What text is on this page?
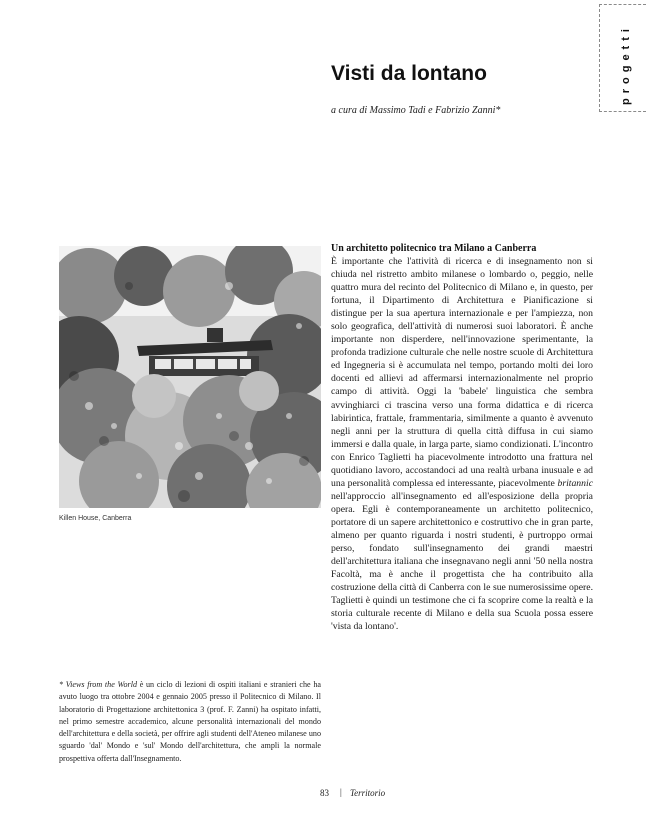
progetti
Visti da lontano
a cura di Massimo Tadi e Fabrizio Zanni*
Killen House, Canberra

Un architetto politecnico tra Milano a Canberra

È importante che l'attività di ricerca e di insegnamento non si chiuda nel ristretto ambito milanese o lombardo o, peggio, nelle quattro mura del recinto del Politecnico di Milano e, in questo, per fortuna, il Dipartimento di Architettura e Pianificazione si distingue per la sua apertura internazionale e per l'ampiezza, non solo geografica, dell'attività di numerosi suoi laboratori. È anche importante non disperdere, nell'innovazione sperimentante, la profonda tradizione culturale che nelle nostre scuole di Architettura ed Ingegneria si è accumulata nel tempo, portando molti dei loro docenti ed allievi ad affermarsi internazionalmente nel proprio campo di attività. Oggi la 'babele' linguistica che sembra avvinghiarci ci trascina verso una forma didattica e di ricerca labirintica, frattale, frammentaria, similmente a quanto è avvenuto negli anni per la struttura di quella città diffusa in cui siamo immersi e dalla quale, in larga parte, siamo condizionati. L'incontro con Enrico Taglietti ha piacevolmente introdotto una frattura nel quotidiano lavoro, accostandoci ad una realtà urbana inusuale e ad una personalità complessa ed interessante, piacevolmente britannic nell'approccio all'insegnamento ed all'esposizione della propria opera. Egli è contemporaneamente un architetto politecnico, portatore di un sapere architettonico e costruttivo che in gran parte, almeno per quanto riguarda i nostri studenti, è purtroppo ormai perso, fondato sull'insegnamento dei grandi maestri dell'architettura italiana che insegnavano negli anni '50 nella nostra Facoltà, ma è anche il progettista che ha contribuito alla costruzione della città di Canberra con le sue numerosissime opere. Taglietti è quindi un testimone che ci fa scoprire come la realtà e la storia culturale recente di Milano e della sua Scuola possa essere 'vista da lontano'.

* Views from the World è un ciclo di lezioni di ospiti italiani e stranieri che ha avuto luogo tra ottobre 2004 e gennaio 2005 presso il Politecnico di Milano. Il laboratorio di Progettazione architettonica 3 (prof. F. Zanni) ha ospitato infatti, nel primo semestre accademico, alcune personalità internazionali del mondo dell'architettura e della società, per offrire agli studenti dell'Ateneo milanese uno sguardo 'dal' Mondo e 'sul' Mondo dell'architettura, che ampli la normale prospettiva offerta dall'Insegnamento.
83 | Territorio
